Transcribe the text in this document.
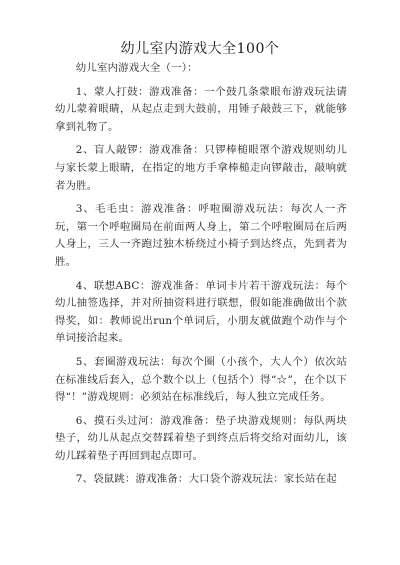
幼儿室内游戏大全100个

幼儿室内游戏大全（一）：

1、蒙人打鼓：游戏准备：一个鼓几条蒙眼布游戏玩法请幼儿蒙着眼睛，从起点走到大鼓前，用锤子敲鼓三下，就能够拿到礼物了。

2、盲人敲锣：游戏准备：只锣棒槌眼罩个游戏规则幼儿与家长蒙上眼睛，在指定的地方手拿棒槌走向锣敲击，敲响就者为胜。

3、毛毛虫：游戏准备：呼啦圈游戏玩法：每次人一齐玩，第一个呼啦圈局在前面两人身上，第二个呼啦圈局在后两人身上，三人一齐跑过独木桥绕过小椅子到达终点，先到者为胜。

4、联想ABC：游戏准备：单词卡片若干游戏玩法：每个幼儿抽签选择，并对所抽资料进行联想，假如能准确做出个款得奖，如：教师说出run个单词后，小朋友就做跑个动作与个单词接洽起来。

5、套圈游戏玩法：每次个圈（小孩个，大人个）依次站在标准线后套入，总个数个以上（包括个）得“☆”，在个以下得“！”游戏规则：必须站在标准线后，每人独立完成任务。

6、摸石头过河：游戏准备：垫子块游戏规则：每队两块垫子，幼儿从起点交替踩着垫子到终点后将交给对面幼儿，该幼儿踩着垫子再回到起点即可。

7、袋鼠跳：游戏准备：大口袋个游戏玩法：家长站在起
